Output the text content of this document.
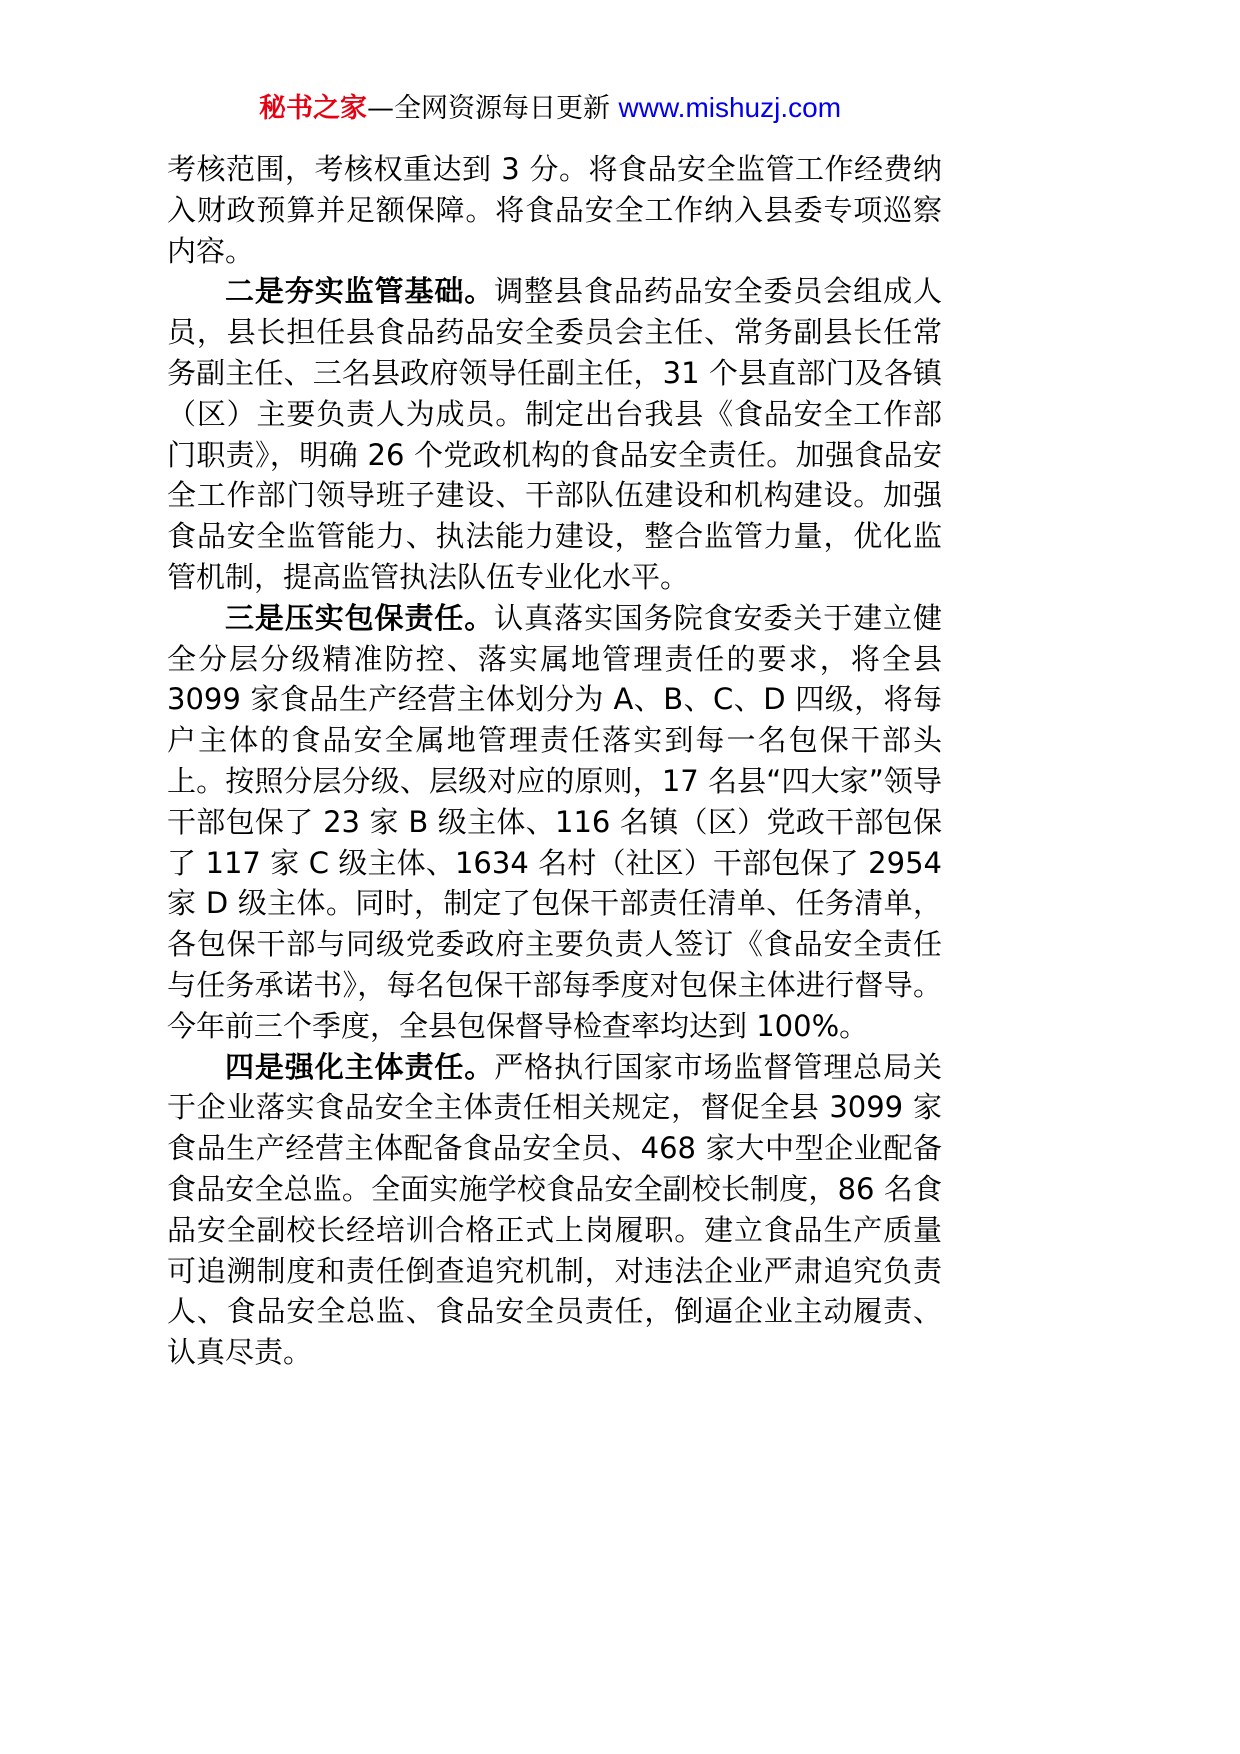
秘书之家—全网资源每日更新 www.mishuzj.com

考核范围，考核权重达到 3 分。将食品安全监管工作经费纳入财政预算并足额保障。将食品安全工作纳入县委专项巡察内容。

二是夯实监管基础。调整县食品药品安全委员会组成人员，县长担任县食品药品安全委员会主任、常务副县长任常务副主任、三名县政府领导任副主任，31 个县直部门及各镇（区）主要负责人为成员。制定出台我县《食品安全工作部门职责》，明确 26 个党政机构的食品安全责任。加强食品安全工作部门领导班子建设、干部队伍建设和机构建设。加强食品安全监管能力、执法能力建设，整合监管力量，优化监管机制，提高监管执法队伍专业化水平。

三是压实包保责任。认真落实国务院食安委关于建立健全分层分级精准防控、落实属地管理责任的要求，将全县 3099 家食品生产经营主体划分为 A、B、C、D 四级，将每户主体的食品安全属地管理责任落实到每一名包保干部头上。按照分层分级、层级对应的原则，17 名县“四大家”领导干部包保了 23 家 B 级主体、116 名镇（区）党政干部包保了 117 家 C 级主体、1634 名村（社区）干部包保了 2954 家 D 级主体。同时，制定了包保干部责任清单、任务清单，各包保干部与同级党委政府主要负责人签订《食品安全责任与任务承诺书》，每名包保干部每季度对包保主体进行督导。今年前三个季度，全县包保督导检查率均达到 100%。

四是强化主体责任。严格执行国家市场监督管理总局关于企业落实食品安全主体责任相关规定，督促全县 3099 家食品生产经营主体配备食品安全员、468 家大中型企业配备食品安全总监。全面实施学校食品安全副校长制度，86 名食品安全副校长经培训合格正式上岗履职。建立食品生产质量可追溯制度和责任倒查追究机制，对违法企业严肃追究负责人、食品安全总监、食品安全员责任，倒逼企业主动履责、认真尽责。
